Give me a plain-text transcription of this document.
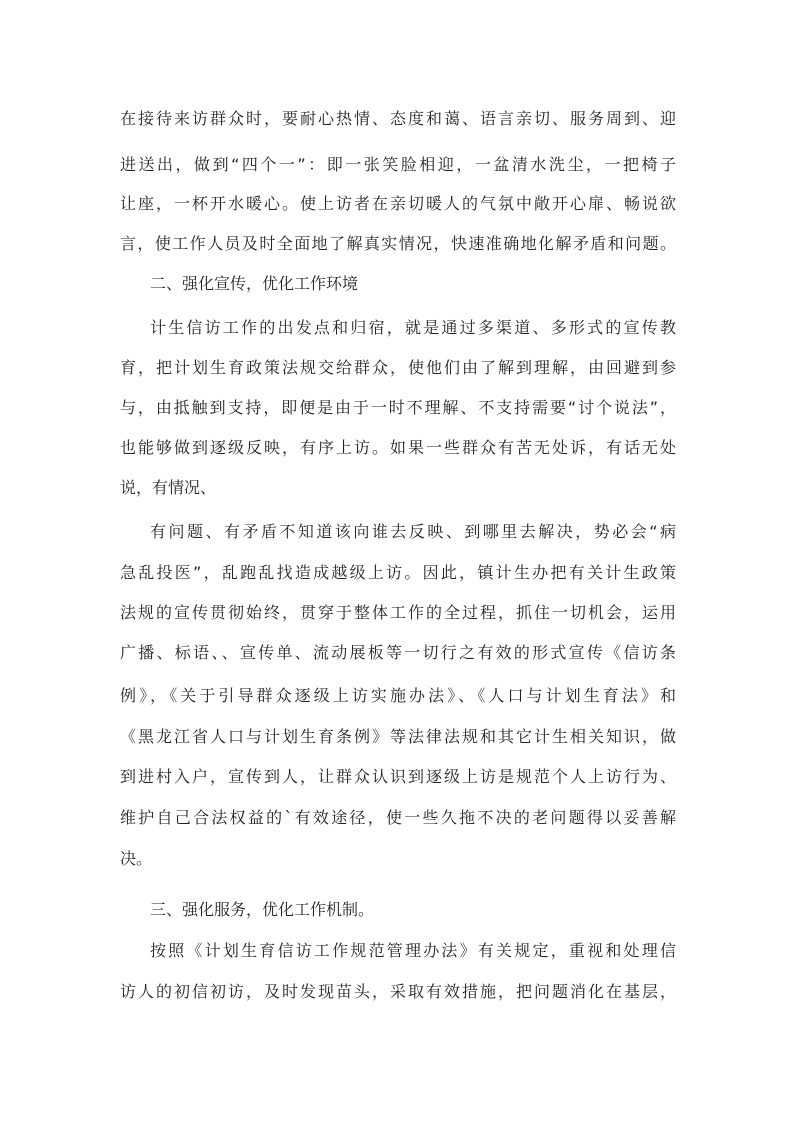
在接待来访群众时，要耐心热情、态度和蔼、语言亲切、服务周到、迎
进送出，做到“四个一”：即一张笑脸相迎，一盆清水洗尘，一把椅子
让座，一杯开水暖心。使上访者在亲切暖人的气氛中敞开心扉、畅说欲
言，使工作人员及时全面地了解真实情况，快速准确地化解矛盾和问题。
二、强化宣传，优化工作环境
计生信访工作的出发点和归宿，就是通过多渠道、多形式的宣传教
育，把计划生育政策法规交给群众，使他们由了解到理解，由回避到参
与，由抵触到支持，即便是由于一时不理解、不支持需要“讨个说法”，
也能够做到逐级反映，有序上访。如果一些群众有苦无处诉，有话无处
说，有情况、
有问题、有矛盾不知道该向谁去反映、到哪里去解决，势必会“病
急乱投医”，乱跑乱找造成越级上访。因此，镇计生办把有关计生政策
法规的宣传贯彻始终，贯穿于整体工作的全过程，抓住一切机会，运用
广播、标语、、宣传单、流动展板等一切行之有效的形式宣传《信访条
例》，《关于引导群众逐级上访实施办法》、《人口与计划生育法》和
《黑龙江省人口与计划生育条例》等法律法规和其它计生相关知识，做
到进村入户，宣传到人，让群众认识到逐级上访是规范个人上访行为、
维护自己合法权益的`有效途径，使一些久拖不决的老问题得以妥善解
决。
三、强化服务，优化工作机制。
按照《计划生育信访工作规范管理办法》有关规定，重视和处理信
访人的初信初访，及时发现苗头，采取有效措施，把问题消化在基层，
